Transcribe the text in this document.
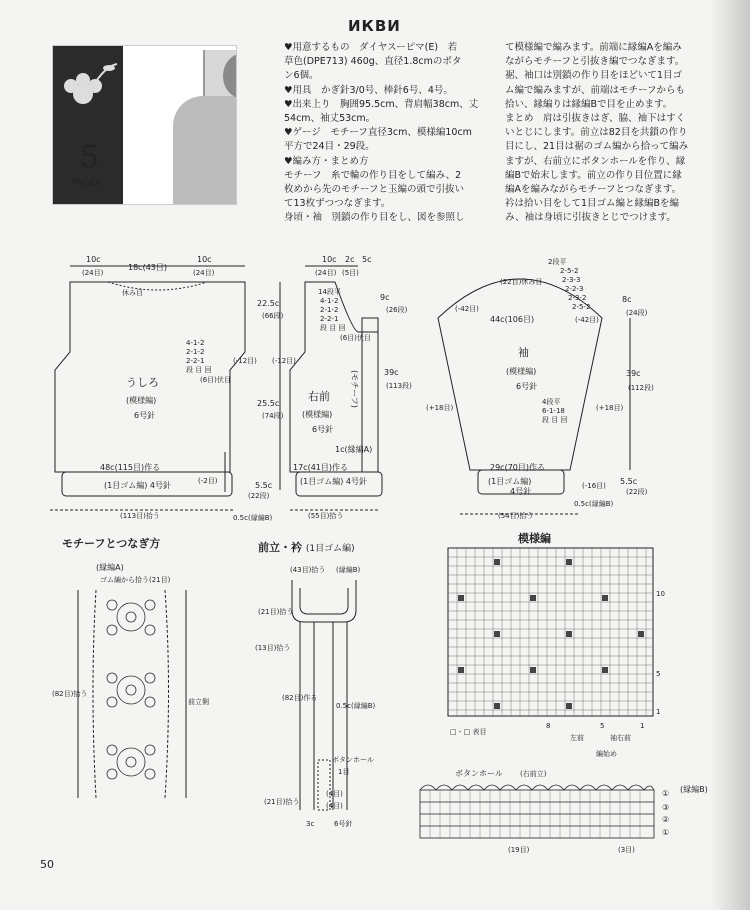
ИКВИ
5
PAGE6
♥用意するもの　ダイヤスーピマ(E)　若
草色(DPE713) 460g、直径1.8cmのボタ
ン6個。
♥用具　かぎ針3/0号、棒針6号、4号。
♥出来上り　胸囲95.5cm、背肩幅38cm、丈
54cm、袖丈53cm。
♥ゲージ　モチーフ直径3cm、模様編10cm
平方で24目・29段。
♥編み方・まとめ方
モチーフ　糸で輪の作り目をして編み、2
枚めから先のモチーフと玉編の頭で引抜い
て13枚ずつつなぎます。
身頃・袖　別鎖の作り目をし、図を参照し
て模様編で編みます。前端に縁編Aを編み
ながらモチーフと引抜き編でつなぎます。
裾、袖口は別鎖の作り目をほどいて1目ゴ
ム編で編みますが、前端はモチーフからも
拾い、縁編りは縁編Bで目を止めます。
まとめ　肩は引抜きはぎ、脇、袖下はすく
いとじにします。前立は82目を共鎖の作り
目にし、21目は裾のゴム編から拾って編み
ますが、右前立にボタンホールを作り、縁
編Bで始末します。前立の作り目位置に縁
編Aを編みながらモチーフとつなぎます。
衿は拾い目をして1目ゴム編と縁編Bを編
み、袖は身頃に引抜きとじでつけます。
モチーフとつなぎ方	前立・衿 (1目ゴム編)
模様編
10c
(24目)
18c(43目)
10c
(24目)
休み目
4-1-2
2-1-2
2-2-1
段 目 回
(6目)伏目
(-12目)
うしろ
(模様編)
6号針
48c(115目)作る
(1目ゴム編) 4号針	(-2目)
(113目)拾う
22.5c
(66段)
25.5c
(74段)
5.5c
(22段)
10c
(24目)
2c
(5目)
5c
14段平
4-1-2
2-1-2
2-2-1
段 目 回
(6目)伏目
(-12目)
右前
(模様編)
6号針
1c(縁編A)
(モチーフ)
9c
(26段)
39c
(113段)
17c(41目)作る
(1目ゴム編) 4号針
(55目)拾う
0.5c(縁編B)
2段平
2-5-2
2-3-3
2-2-3
2-3-2
2-5-2
(22目)休み目
(-42目)
(-42目)
44c(106目)
8c
(24段)
39c
(112段)
袖
(模様編)
6号針
4段平
6-1-18
段 目 回
(+18目)	(+18目)
29c(70目)作る
(1目ゴム編)
4号針
(-16目)
(54目)拾う
5.5c
(22段)
0.5c(縁編B)
(縁編A)
ゴム編から拾う(21目)
(82目)拾う
前立側
(43目)拾う (縁編B)
(21目)拾う
(13目)拾う
(82目)作る
0.5c(縁編B)
ボタンホール
1目
(21目)拾う
(4目)
(4目)
3c	6号針
10
5
1
8	5	1
□・□ 表目
左前	袖右前
編始め
ボタンホール (右前立)
(縁編B)
①
③
②
①
(19目)	(3目)
50
